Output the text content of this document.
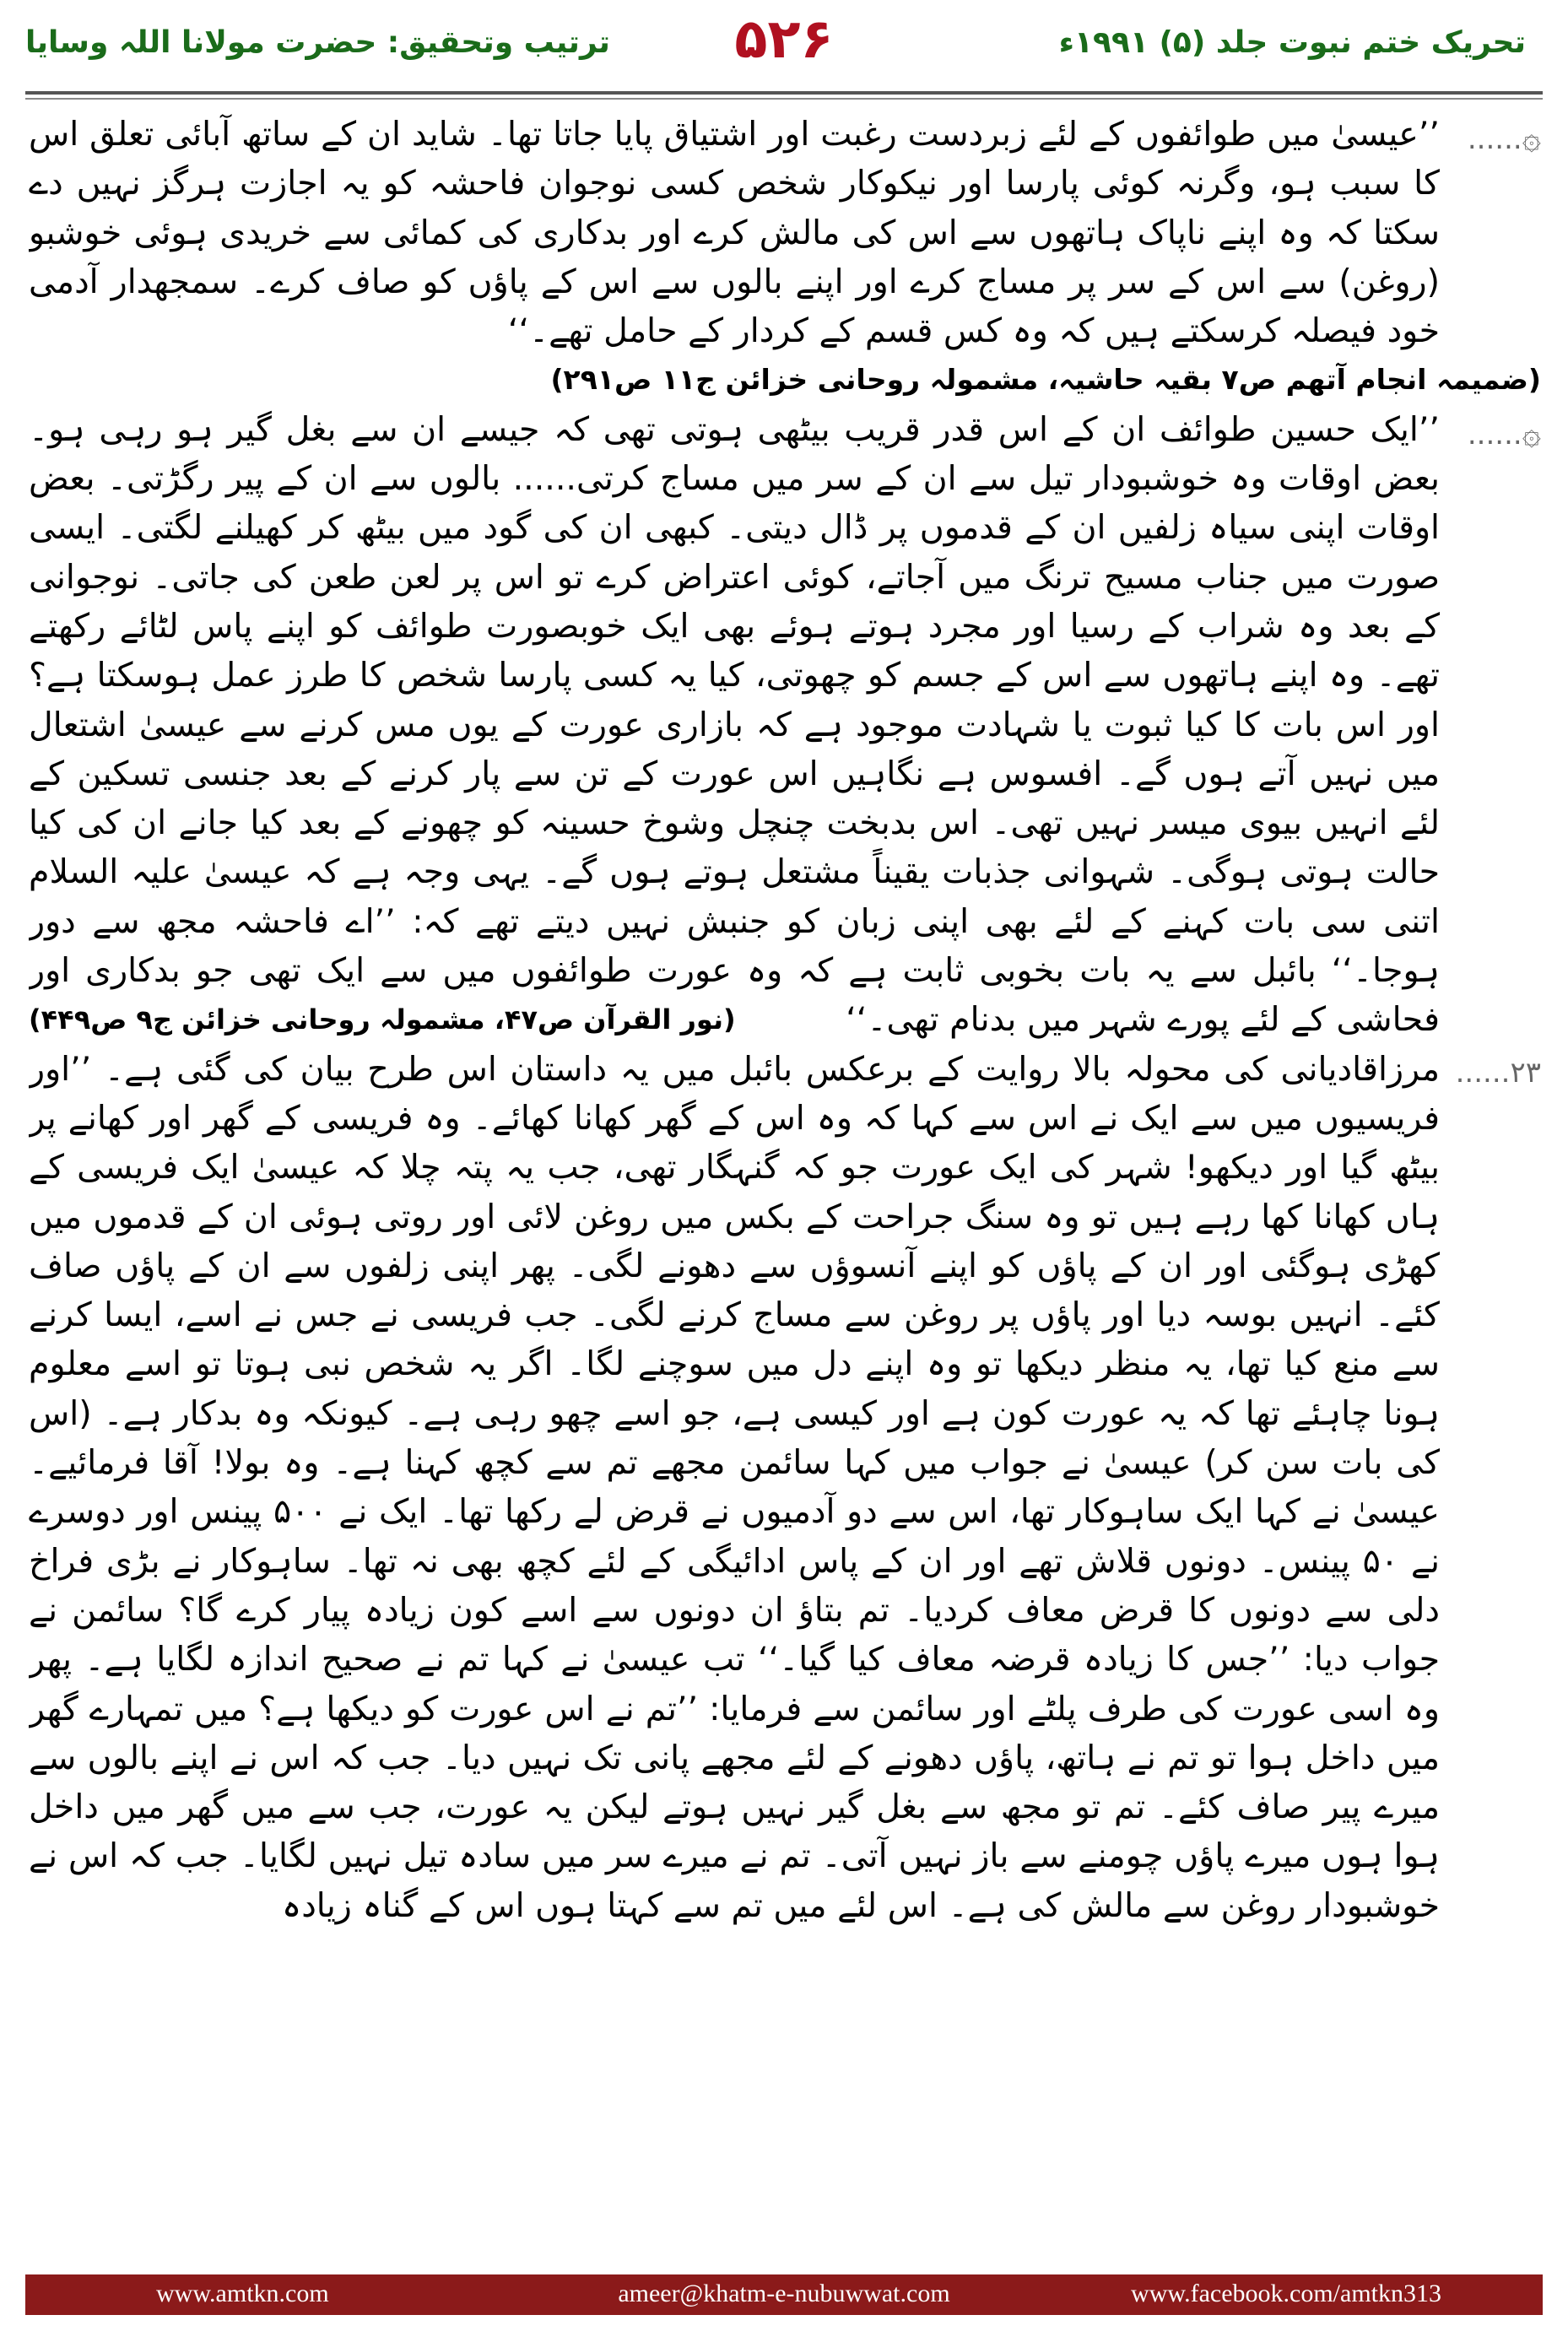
تحریک ختم نبوت جلد (۵) ۱۹۹۱ء
۵۲۶
ترتیب وتحقیق: حضرت مولانا اللہ وسایا
......۞
’’عیسیٰ میں طوائفوں کے لئے زبردست رغبت اور اشتیاق پایا جاتا تھا۔ شاید ان کے ساتھ آبائی تعلق اس کا سبب ہو، وگرنہ کوئی پارسا اور نیکوکار شخص کسی نوجوان فاحشہ کو یہ اجازت ہرگز نہیں دے سکتا کہ وہ اپنے ناپاک ہاتھوں سے اس کی مالش کرے اور بدکاری کی کمائی سے خریدی ہوئی خوشبو (روغن) سے اس کے سر پر مساج کرے اور اپنے بالوں سے اس کے پاؤں کو صاف کرے۔ سمجھدار آدمی خود فیصلہ کرسکتے ہیں کہ وہ کس قسم کے کردار کے حامل تھے۔‘‘
(ضمیمہ انجام آتھم ص۷ بقیہ حاشیہ، مشمولہ روحانی خزائن ج۱۱ ص۲۹۱)
......۞
’’ایک حسین طوائف ان کے اس قدر قریب بیٹھی ہوتی تھی کہ جیسے ان سے بغل گیر ہو رہی ہو۔ بعض اوقات وہ خوشبودار تیل سے ان کے سر میں مساج کرتی...... بالوں سے ان کے پیر رگڑتی۔ بعض اوقات اپنی سیاہ زلفیں ان کے قدموں پر ڈال دیتی۔ کبھی ان کی گود میں بیٹھ کر کھیلنے لگتی۔ ایسی صورت میں جناب مسیح ترنگ میں آجاتے، کوئی اعتراض کرے تو اس پر لعن طعن کی جاتی۔ نوجوانی کے بعد وہ شراب کے رسیا اور مجرد ہوتے ہوئے بھی ایک خوبصورت طوائف کو اپنے پاس لٹائے رکھتے تھے۔ وہ اپنے ہاتھوں سے اس کے جسم کو چھوتی، کیا یہ کسی پارسا شخص کا طرز عمل ہوسکتا ہے؟ اور اس بات کا کیا ثبوت یا شہادت موجود ہے کہ بازاری عورت کے یوں مس کرنے سے عیسیٰ اشتعال میں نہیں آتے ہوں گے۔ افسوس ہے نگاہیں اس عورت کے تن سے پار کرنے کے بعد جنسی تسکین کے لئے انہیں بیوی میسر نہیں تھی۔ اس بدبخت چنچل وشوخ حسینہ کو چھونے کے بعد کیا جانے ان کی کیا حالت ہوتی ہوگی۔ شہوانی جذبات یقیناً مشتعل ہوتے ہوں گے۔ یہی وجہ ہے کہ عیسیٰ علیہ السلام اتنی سی بات کہنے کے لئے بھی اپنی زبان کو جنبش نہیں دیتے تھے کہ: ’’اے فاحشہ مجھ سے دور ہوجا۔‘‘ بائبل سے یہ بات بخوبی ثابت ہے کہ وہ عورت طوائفوں میں سے ایک تھی جو بدکاری اور فحاشی کے لئے پورے شہر میں بدنام تھی۔‘‘
(نور القرآن ص۴۷، مشمولہ روحانی خزائن ج۹ ص۴۴۹)
......۲۳
مرزاقادیانی کی محولہ بالا روایت کے برعکس بائبل میں یہ داستان اس طرح بیان کی گئی ہے۔ ’’اور فریسیوں میں سے ایک نے اس سے کہا کہ وہ اس کے گھر کھانا کھائے۔ وہ فریسی کے گھر اور کھانے پر بیٹھ گیا اور دیکھو! شہر کی ایک عورت جو کہ گنہگار تھی، جب یہ پتہ چلا کہ عیسیٰ ایک فریسی کے ہاں کھانا کھا رہے ہیں تو وہ سنگ جراحت کے بکس میں روغن لائی اور روتی ہوئی ان کے قدموں میں کھڑی ہوگئی اور ان کے پاؤں کو اپنے آنسوؤں سے دھونے لگی۔ پھر اپنی زلفوں سے ان کے پاؤں صاف کئے۔ انہیں بوسہ دیا اور پاؤں پر روغن سے مساج کرنے لگی۔ جب فریسی نے جس نے اسے، ایسا کرنے سے منع کیا تھا، یہ منظر دیکھا تو وہ اپنے دل میں سوچنے لگا۔ اگر یہ شخص نبی ہوتا تو اسے معلوم ہونا چاہئے تھا کہ یہ عورت کون ہے اور کیسی ہے، جو اسے چھو رہی ہے۔ کیونکہ وہ بدکار ہے۔ (اس کی بات سن کر) عیسیٰ نے جواب میں کہا سائمن مجھے تم سے کچھ کہنا ہے۔ وہ بولا! آقا فرمائیے۔ عیسیٰ نے کہا ایک ساہوکار تھا، اس سے دو آدمیوں نے قرض لے رکھا تھا۔ ایک نے ۵۰۰ پینس اور دوسرے نے ۵۰ پینس۔ دونوں قلاش تھے اور ان کے پاس ادائیگی کے لئے کچھ بھی نہ تھا۔ ساہوکار نے بڑی فراخ دلی سے دونوں کا قرض معاف کردیا۔ تم بتاؤ ان دونوں سے اسے کون زیادہ پیار کرے گا؟ سائمن نے جواب دیا: ’’جس کا زیادہ قرضہ معاف کیا گیا۔‘‘ تب عیسیٰ نے کہا تم نے صحیح اندازہ لگایا ہے۔ پھر وہ اسی عورت کی طرف پلٹے اور سائمن سے فرمایا: ’’تم نے اس عورت کو دیکھا ہے؟ میں تمہارے گھر میں داخل ہوا تو تم نے ہاتھ، پاؤں دھونے کے لئے مجھے پانی تک نہیں دیا۔ جب کہ اس نے اپنے بالوں سے میرے پیر صاف کئے۔ تم تو مجھ سے بغل گیر نہیں ہوتے لیکن یہ عورت، جب سے میں گھر میں داخل ہوا ہوں میرے پاؤں چومنے سے باز نہیں آتی۔ تم نے میرے سر میں سادہ تیل نہیں لگایا۔ جب کہ اس نے خوشبودار روغن سے مالش کی ہے۔ اس لئے میں تم سے کہتا ہوں اس کے گناہ زیادہ
ameer@khatm-e-nubuwwat.com
www.amtkn.com	www.facebook.com/amtkn313
